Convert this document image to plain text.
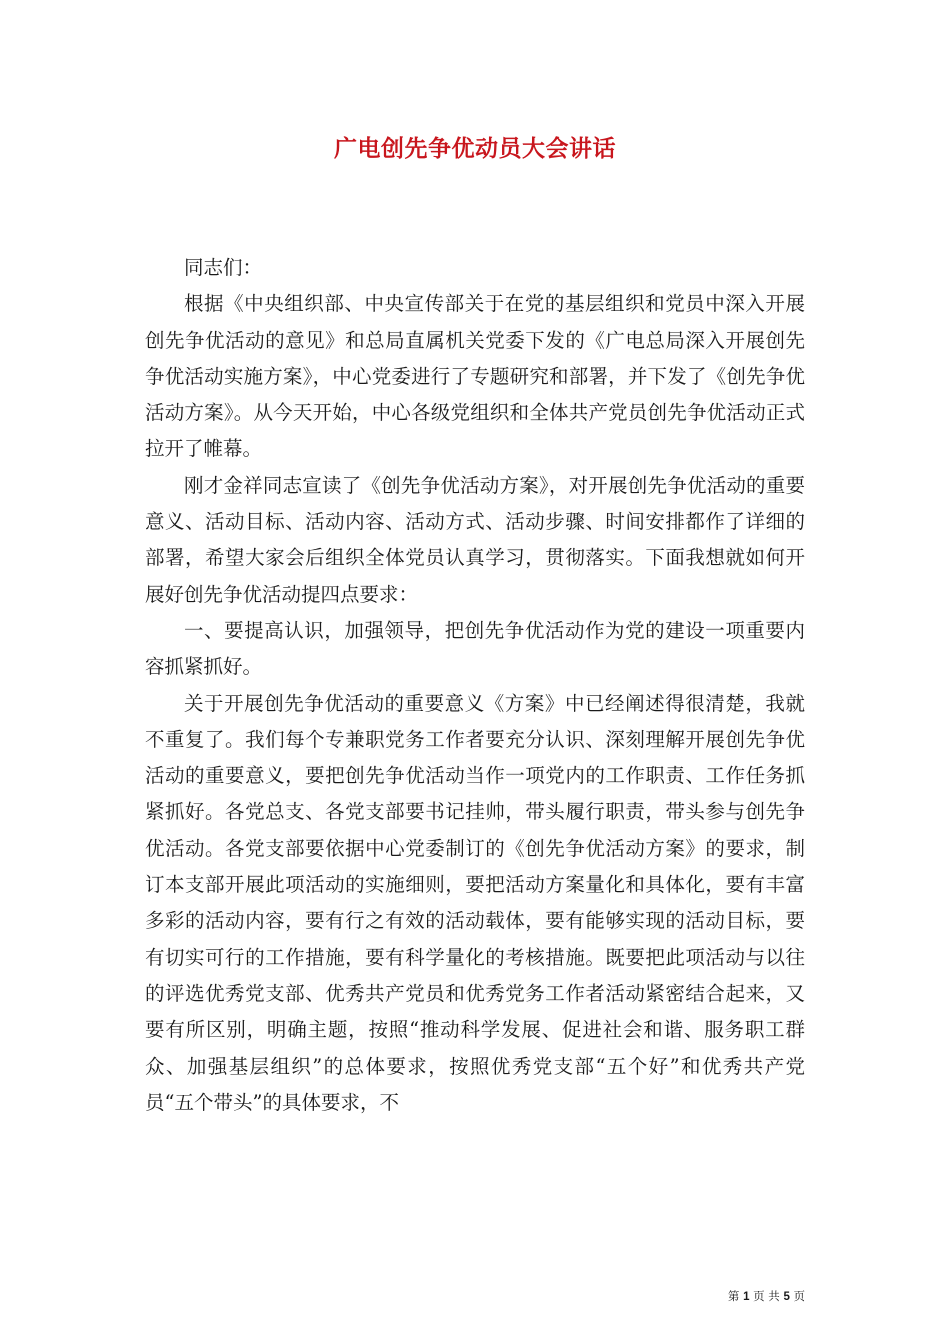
广电创先争优动员大会讲话

同志们：

根据《中央组织部、中央宣传部关于在党的基层组织和党员中深入开展创先争优活动的意见》和总局直属机关党委下发的《广电总局深入开展创先争优活动实施方案》，中心党委进行了专题研究和部署，并下发了《创先争优活动方案》。从今天开始，中心各级党组织和全体共产党员创先争优活动正式拉开了帷幕。

刚才金祥同志宣读了《创先争优活动方案》，对开展创先争优活动的重要意义、活动目标、活动内容、活动方式、活动步骤、时间安排都作了详细的部署，希望大家会后组织全体党员认真学习，贯彻落实。下面我想就如何开展好创先争优活动提四点要求：

一、要提高认识，加强领导，把创先争优活动作为党的建设一项重要内容抓紧抓好。

关于开展创先争优活动的重要意义《方案》中已经阐述得很清楚，我就不重复了。我们每个专兼职党务工作者要充分认识、深刻理解开展创先争优活动的重要意义，要把创先争优活动当作一项党内的工作职责、工作任务抓紧抓好。各党总支、各党支部要书记挂帅，带头履行职责，带头参与创先争优活动。各党支部要依据中心党委制订的《创先争优活动方案》的要求，制订本支部开展此项活动的实施细则，要把活动方案量化和具体化，要有丰富多彩的活动内容，要有行之有效的活动载体，要有能够实现的活动目标，要有切实可行的工作措施，要有科学量化的考核措施。既要把此项活动与以往的评选优秀党支部、优秀共产党员和优秀党务工作者活动紧密结合起来，又要有所区别，明确主题，按照“推动科学发展、促进社会和谐、服务职工群众、加强基层组织”的总体要求，按照优秀党支部“五个好”和优秀共产党员“五个带头”的具体要求，不

第 1 页 共 5 页
